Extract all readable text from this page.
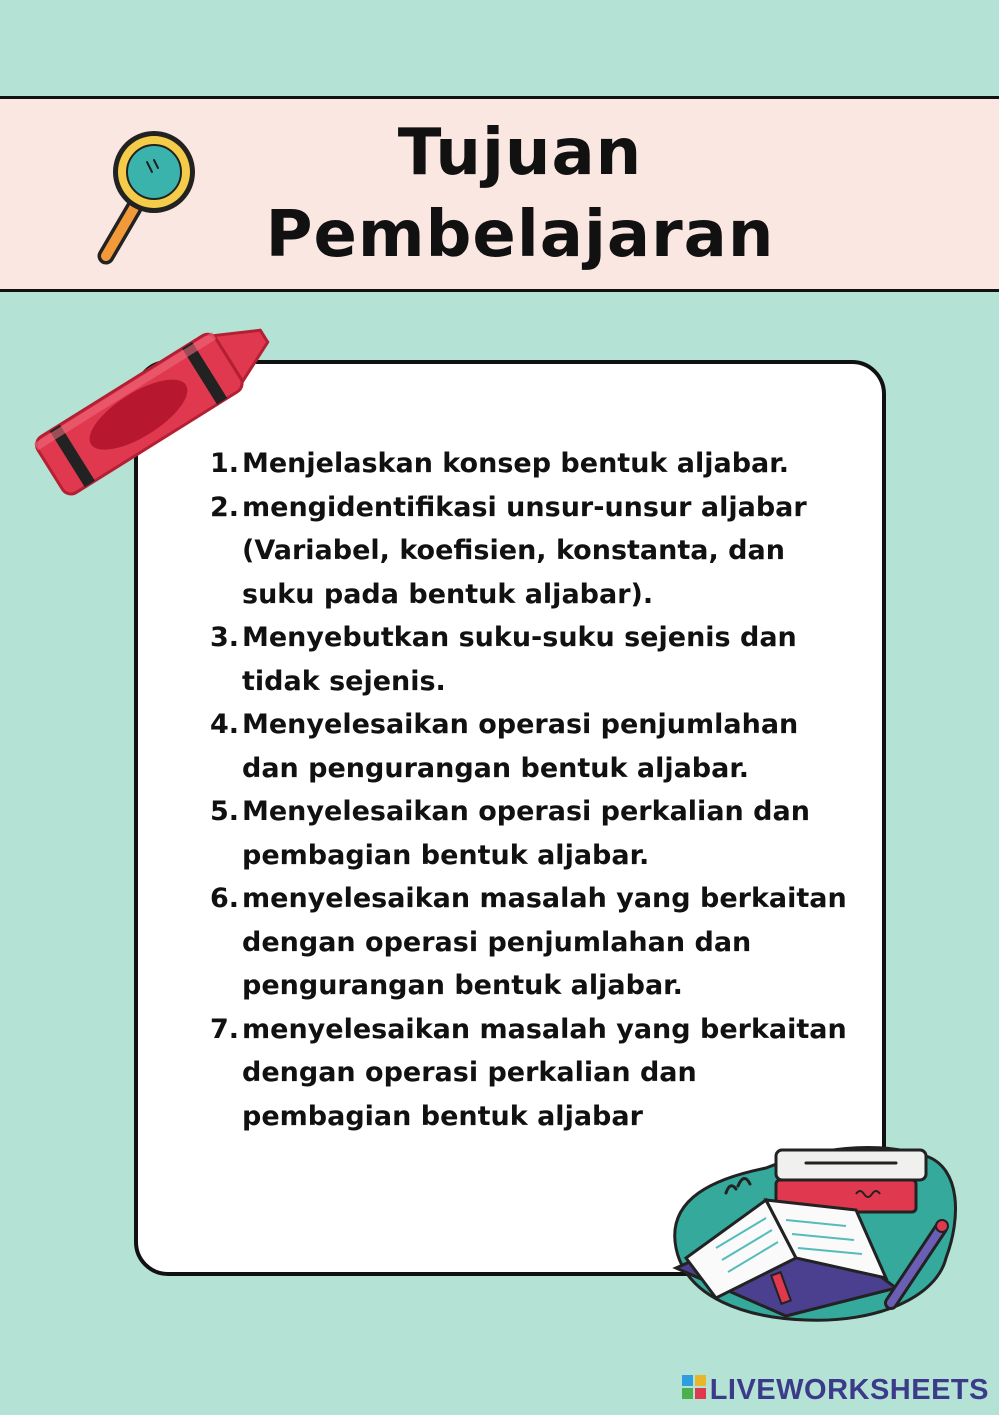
Tujuan
Pembelajaran
1. Menjelaskan konsep bentuk aljabar.
2. mengidentifikasi unsur-unsur aljabar (Variabel, koefisien, konstanta, dan suku pada bentuk aljabar).
3. Menyebutkan suku-suku sejenis dan tidak sejenis.
4. Menyelesaikan operasi penjumlahan dan pengurangan bentuk aljabar.
5. Menyelesaikan operasi perkalian dan pembagian bentuk aljabar.
6. menyelesaikan masalah yang berkaitan dengan operasi penjumlahan dan pengurangan bentuk aljabar.
7. menyelesaikan masalah yang berkaitan dengan operasi perkalian dan pembagian bentuk aljabar
LIVEWORKSHEETS
